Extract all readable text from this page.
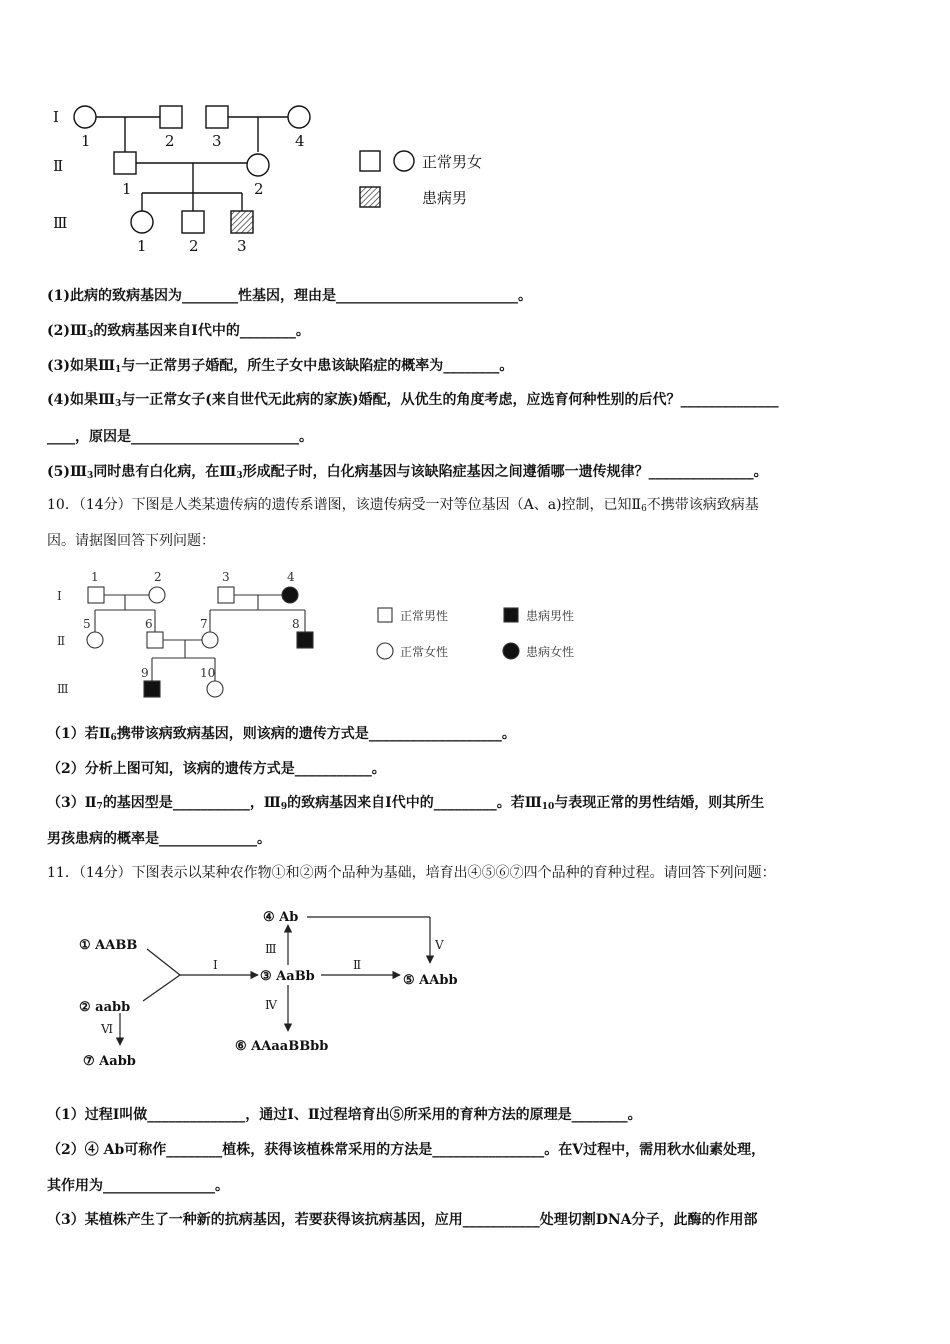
Ⅰ
Ⅱ
Ⅲ
1	2 3	4
1	2
1	2	3
正常男女
患病男
(1)此病的致病基因为________性基因，理由是__________________________。
$(2)Ⅲ_3$的致病基因来自Ⅰ代中的________。
(3)如果$Ⅲ_1$与一正常男子婚配，所生子女中患该缺陷症的概率为________。
(4)如果$Ⅲ_3$与一正常女子(来自世代无此病的家族)婚配，从优生的角度考虑，应选育何种性别的后代？______________
____，原因是________________________。
$(5)Ⅲ_3$同时患有白化病，在$Ⅲ_3$形成配子时，白化病基因与该缺陷症基因之间遵循哪一遗传规律？_______________。
10．（14分）下图是人类某遗传病的遗传系谱图，该遗传病受一对等位基因（A、a)控制，已知$Ⅱ_6$不携带该病致病基
因。请据图回答下列问题：
Ⅰ
Ⅱ
Ⅲ
1	2	3	4
5	6	7	8
9	10
正常男性	患病男性
正常女性	患病女性
（1）若$Ⅱ_6$携带该病致病基因，则该病的遗传方式是___________________。
（2）分析上图可知，该病的遗传方式是___________。
$(3)Ⅱ_7$的基因型是___________，$Ⅲ_9$的致病基因来自Ⅰ代中的_________。若$Ⅲ_{10}$与表现正常的男性结婚，则其所生
男孩患病的概率是______________。
11．（14分）下图表示以某种农作物①和②两个品种为基础，培育出④⑤⑥⑦四个品种的育种过程。请回答下列问题：
① AABB
② aabb
③ AaBb
④ Ab
⑤ AAbb
⑥ AAaaBBbb
⑦ Aabb
Ⅰ	Ⅱ
Ⅲ
Ⅳ
Ⅴ
Ⅵ
（1）过程Ⅰ叫做______________，通过Ⅰ、Ⅱ过程培育出⑤所采用的育种方法的原理是________。
（2）④ Ab可称作________植株，获得该植株常采用的方法是________________。在Ⅴ过程中，需用秋水仙素处理，
其作用为________________。
（3）某植株产生了一种新的抗病基因，若要获得该抗病基因，应用___________处理切割DNA分子，此酶的作用部
